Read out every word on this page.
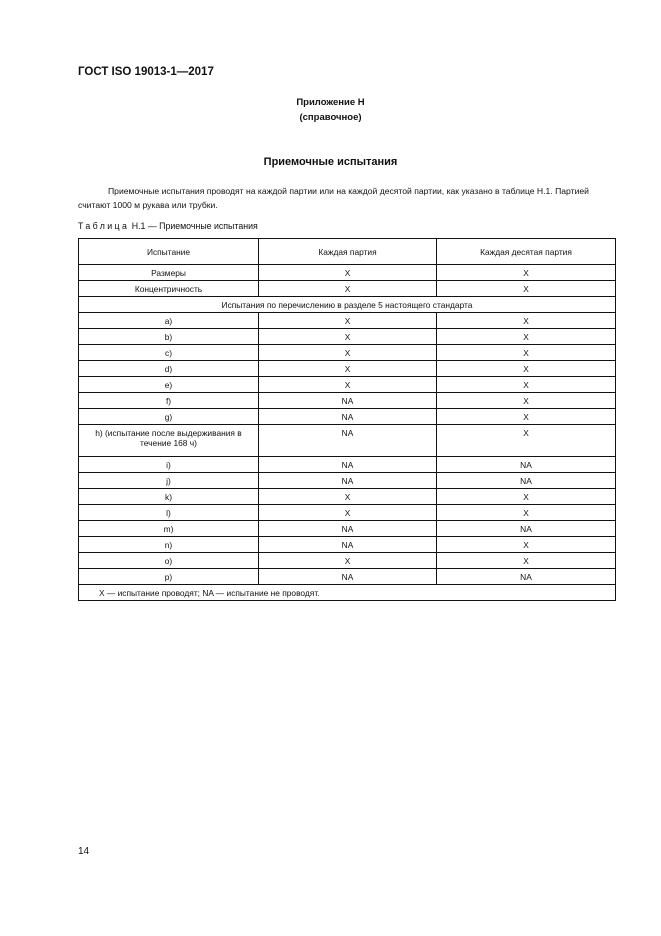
ГОСТ ISO 19013-1—2017
Приложение Н
(справочное)
Приемочные испытания
Приемочные испытания проводят на каждой партии или на каждой десятой партии, как указано в таблице Н.1. Партией считают 1000 м рукава или трубки.
Таблица Н.1 — Приемочные испытания
Испытание	Каждая партия	Каждая десятая партия
Размеры	X	X
Концентричность	X	X
Испытания по перечислению в разделе 5 настоящего стандарта		
a)	X	X
b)	X	X
c)	X	X
d)	X	X
e)	X	X
f)	NA	X
g)	NA	X
h) (испытание после выдерживания в течение 168 ч)	NA	X
i)	NA	NA
j)	NA	NA
k)	X	X
l)	X	X
m)	NA	NA
n)	NA	X
o)	X	X
p)	NA	NA
X — испытание проводят; NA — испытание не проводят.		
14
